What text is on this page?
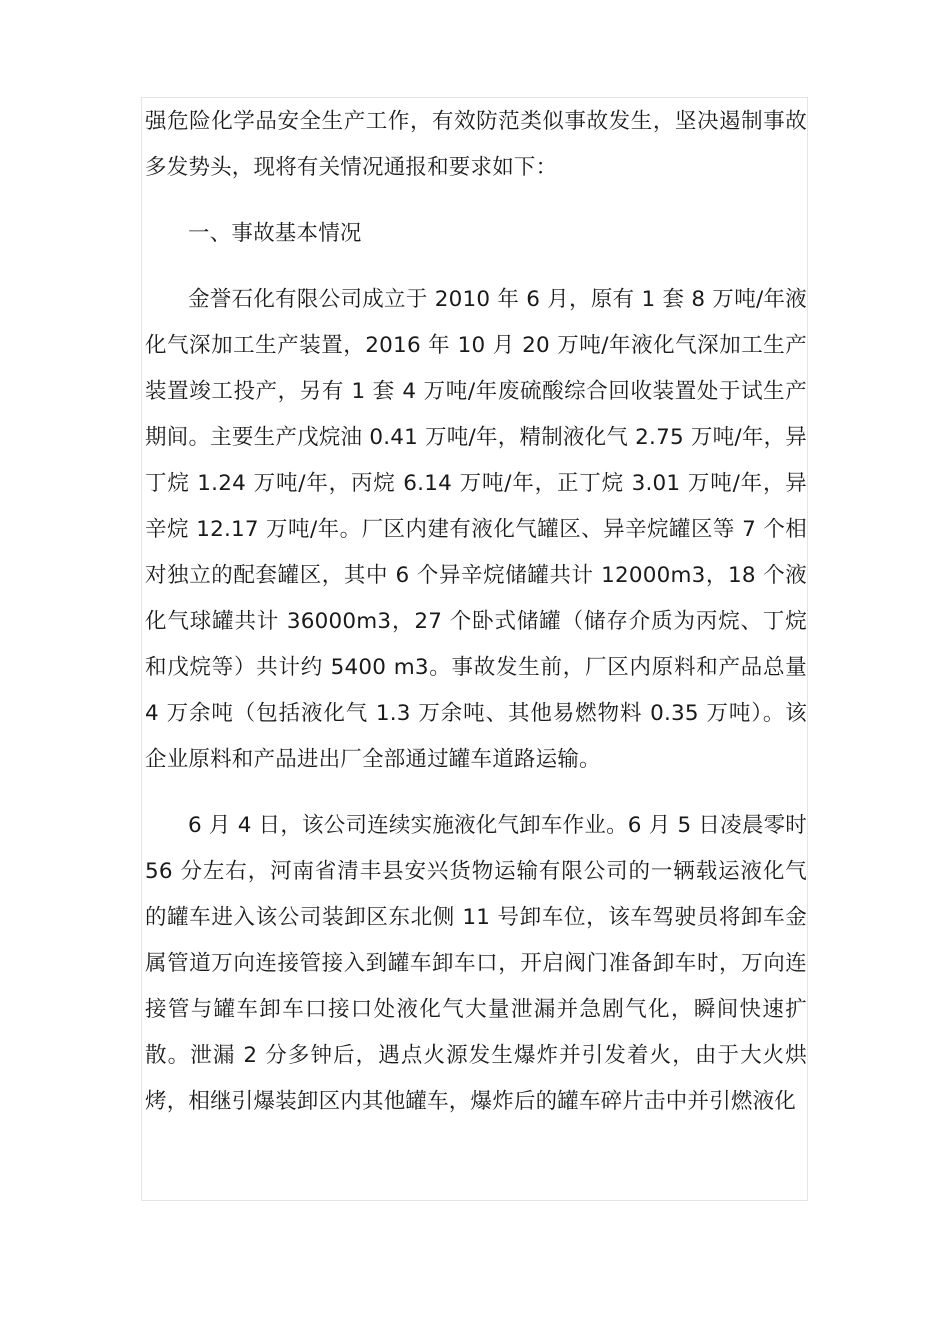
强危险化学品安全生产工作，有效防范类似事故发生，坚决遏制事故多发势头，现将有关情况通报和要求如下：

一、事故基本情况

金誉石化有限公司成立于 2010 年 6 月，原有 1 套 8 万吨/年液化气深加工生产装置，2016 年 10 月 20 万吨/年液化气深加工生产装置竣工投产，另有 1 套 4 万吨/年废硫酸综合回收装置处于试生产期间。主要生产戊烷油 0.41 万吨/年，精制液化气 2.75 万吨/年，异丁烷 1.24 万吨/年，丙烷 6.14 万吨/年，正丁烷 3.01 万吨/年，异辛烷 12.17 万吨/年。厂区内建有液化气罐区、异辛烷罐区等 7 个相对独立的配套罐区，其中 6 个异辛烷储罐共计 12000m3，18 个液化气球罐共计 36000m3，27 个卧式储罐（储存介质为丙烷、丁烷和戊烷等）共计约 5400 m3。事故发生前，厂区内原料和产品总量 4 万余吨（包括液化气 1.3 万余吨、其他易燃物料 0.35 万吨）。该企业原料和产品进出厂全部通过罐车道路运输。

6 月 4 日，该公司连续实施液化气卸车作业。6 月 5 日凌晨零时 56 分左右，河南省清丰县安兴货物运输有限公司的一辆载运液化气的罐车进入该公司装卸区东北侧 11 号卸车位，该车驾驶员将卸车金属管道万向连接管接入到罐车卸车口，开启阀门准备卸车时，万向连接管与罐车卸车口接口处液化气大量泄漏并急剧气化，瞬间快速扩散。泄漏 2 分多钟后，遇点火源发生爆炸并引发着火，由于大火烘烤，相继引爆装卸区内其他罐车，爆炸后的罐车碎片击中并引燃液化
